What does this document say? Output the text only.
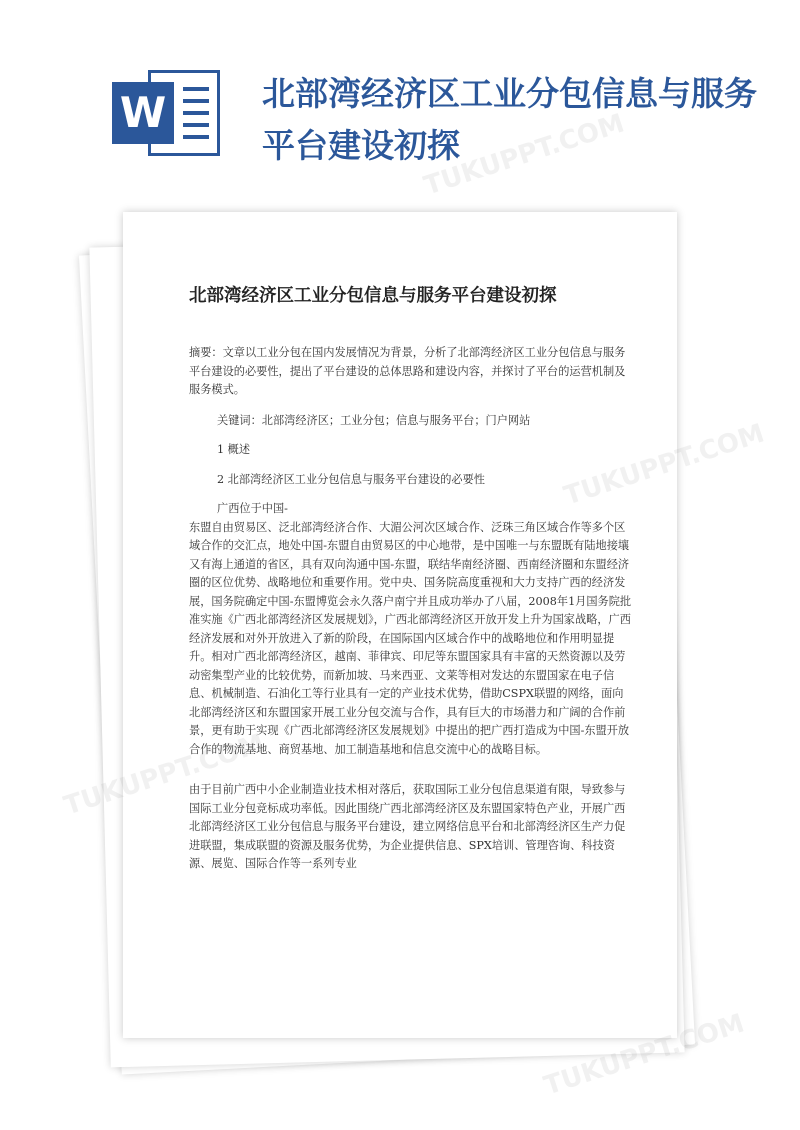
W	北部湾经济区工业分包信息与服务平台建设初探
北部湾经济区工业分包信息与服务平台建设初探

摘要：文章以工业分包在国内发展情况为背景，分析了北部湾经济区工业分包信息与服务平台建设的必要性，提出了平台建设的总体思路和建设内容，并探讨了平台的运营机制及服务模式。

关键词：北部湾经济区；工业分包；信息与服务平台；门户网站

1 概述

2 北部湾经济区工业分包信息与服务平台建设的必要性

广西位于中国-

东盟自由贸易区、泛北部湾经济合作、大湄公河次区域合作、泛珠三角区域合作等多个区域合作的交汇点，地处中国-东盟自由贸易区的中心地带，是中国唯一与东盟既有陆地接壤又有海上通道的省区，具有双向沟通中国-东盟，联结华南经济圈、西南经济圈和东盟经济圈的区位优势、战略地位和重要作用。党中央、国务院高度重视和大力支持广西的经济发展，国务院确定中国-东盟博览会永久落户南宁并且成功举办了八届，2008年1月国务院批准实施《广西北部湾经济区发展规划》，广西北部湾经济区开放开发上升为国家战略，广西经济发展和对外开放进入了新的阶段，在国际国内区域合作中的战略地位和作用明显提升。相对广西北部湾经济区，越南、菲律宾、印尼等东盟国家具有丰富的天然资源以及劳动密集型产业的比较优势，而新加坡、马来西亚、文莱等相对发达的东盟国家在电子信息、机械制造、石油化工等行业具有一定的产业技术优势，借助CSPX联盟的网络，面向北部湾经济区和东盟国家开展工业分包交流与合作，具有巨大的市场潜力和广阔的合作前景，更有助于实现《广西北部湾经济区发展规划》中提出的把广西打造成为中国-东盟开放合作的物流基地、商贸基地、加工制造基地和信息交流中心的战略目标。

由于目前广西中小企业制造业技术相对落后，获取国际工业分包信息渠道有限，导致参与国际工业分包竞标成功率低。因此围绕广西北部湾经济区及东盟国家特色产业，开展广西北部湾经济区工业分包信息与服务平台建设，建立网络信息平台和北部湾经济区生产力促进联盟，集成联盟的资源及服务优势，为企业提供信息、SPX培训、管理咨询、科技资源、展览、国际合作等一系列专业

TUKUPPT.COM
TUKUPPT.COM
